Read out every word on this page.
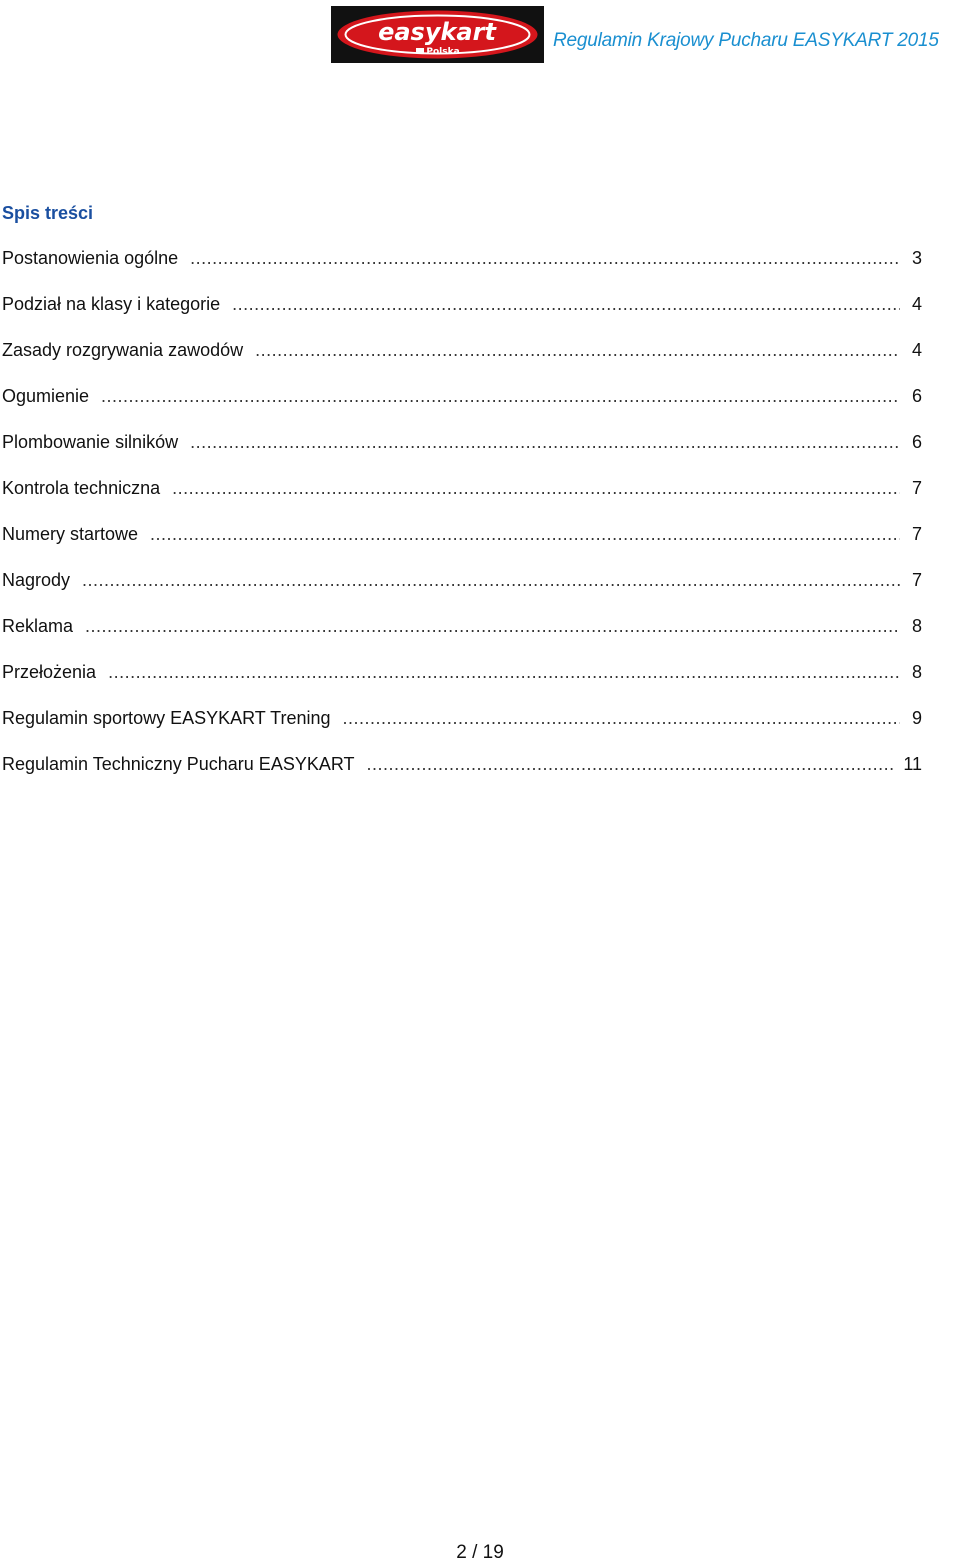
easykart
Polska
Regulamin Krajowy Pucharu EASYKART 2015
Spis treści
Postanowienia ogólne .....	3
Podział na klasy i kategorie .....	4
Zasady rozgrywania zawodów .....	4
Ogumienie .....	6
Plombowanie silników .....	6
Kontrola techniczna .....	7
Numery startowe .....	7
Nagrody .....	7
Reklama .....	8
Przełożenia .....	8
Regulamin sportowy EASYKART Trening .....	9
Regulamin Techniczny Pucharu EASYKART .....	11
2 / 19
